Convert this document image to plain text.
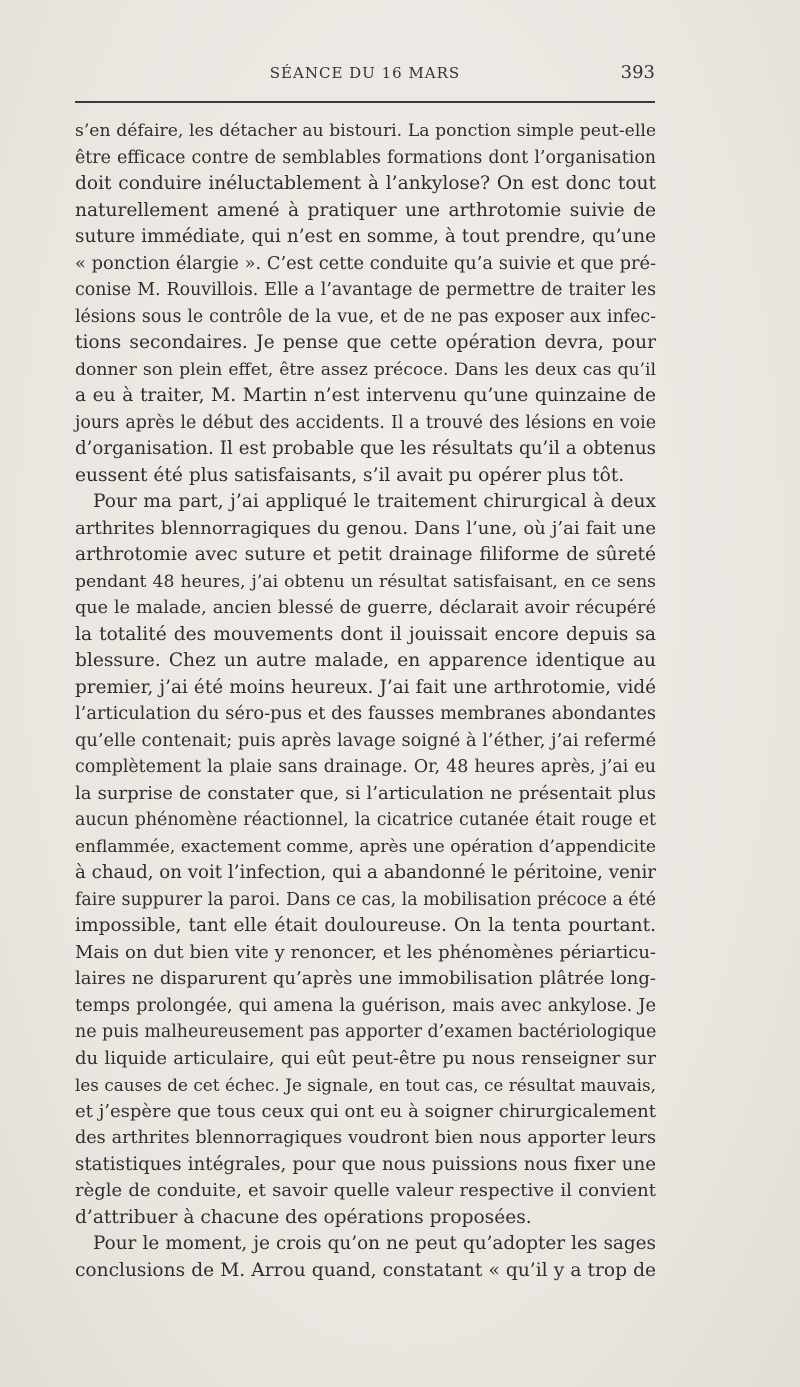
SÉANCE DU 16 MARS	393
s’en défaire, les détacher au bistouri. La ponction simple peut-elle
être efficace contre de semblables formations dont l’organisation
doit conduire inéluctablement à l’ankylose? On est donc tout
naturellement amené à pratiquer une arthrotomie suivie de
suture immédiate, qui n’est en somme, à tout prendre, qu’une
« ponction élargie ». C’est cette conduite qu’a suivie et que pré-
conise M. Rouvillois. Elle a l’avantage de permettre de traiter les
lésions sous le contrôle de la vue, et de ne pas exposer aux infec-
tions secondaires. Je pense que cette opération devra, pour
donner son plein effet, être assez précoce. Dans les deux cas qu’il
a eu à traiter, M. Martin n’est intervenu qu’une quinzaine de
jours après le début des accidents. Il a trouvé des lésions en voie
d’organisation. Il est probable que les résultats qu’il a obtenus
eussent été plus satisfaisants, s’il avait pu opérer plus tôt.
Pour ma part, j’ai appliqué le traitement chirurgical à deux
arthrites blennorragiques du genou. Dans l’une, où j’ai fait une
arthrotomie avec suture et petit drainage filiforme de sûreté
pendant 48 heures, j’ai obtenu un résultat satisfaisant, en ce sens
que le malade, ancien blessé de guerre, déclarait avoir récupéré
la totalité des mouvements dont il jouissait encore depuis sa
blessure. Chez un autre malade, en apparence identique au
premier, j’ai été moins heureux. J’ai fait une arthrotomie, vidé
l’articulation du séro-pus et des fausses membranes abondantes
qu’elle contenait; puis après lavage soigné à l’éther, j’ai refermé
complètement la plaie sans drainage. Or, 48 heures après, j’ai eu
la surprise de constater que, si l’articulation ne présentait plus
aucun phénomène réactionnel, la cicatrice cutanée était rouge et
enflammée, exactement comme, après une opération d’appendicite
à chaud, on voit l’infection, qui a abandonné le péritoine, venir
faire suppurer la paroi. Dans ce cas, la mobilisation précoce a été
impossible, tant elle était douloureuse. On la tenta pourtant.
Mais on dut bien vite y renoncer, et les phénomènes périarticu-
laires ne disparurent qu’après une immobilisation plâtrée long-
temps prolongée, qui amena la guérison, mais avec ankylose. Je
ne puis malheureusement pas apporter d’examen bactériologique
du liquide articulaire, qui eût peut-être pu nous renseigner sur
les causes de cet échec. Je signale, en tout cas, ce résultat mauvais,
et j’espère que tous ceux qui ont eu à soigner chirurgicalement
des arthrites blennorragiques voudront bien nous apporter leurs
statistiques intégrales, pour que nous puissions nous fixer une
règle de conduite, et savoir quelle valeur respective il convient
d’attribuer à chacune des opérations proposées.
Pour le moment, je crois qu’on ne peut qu’adopter les sages
conclusions de M. Arrou quand, constatant « qu’il y a trop de
